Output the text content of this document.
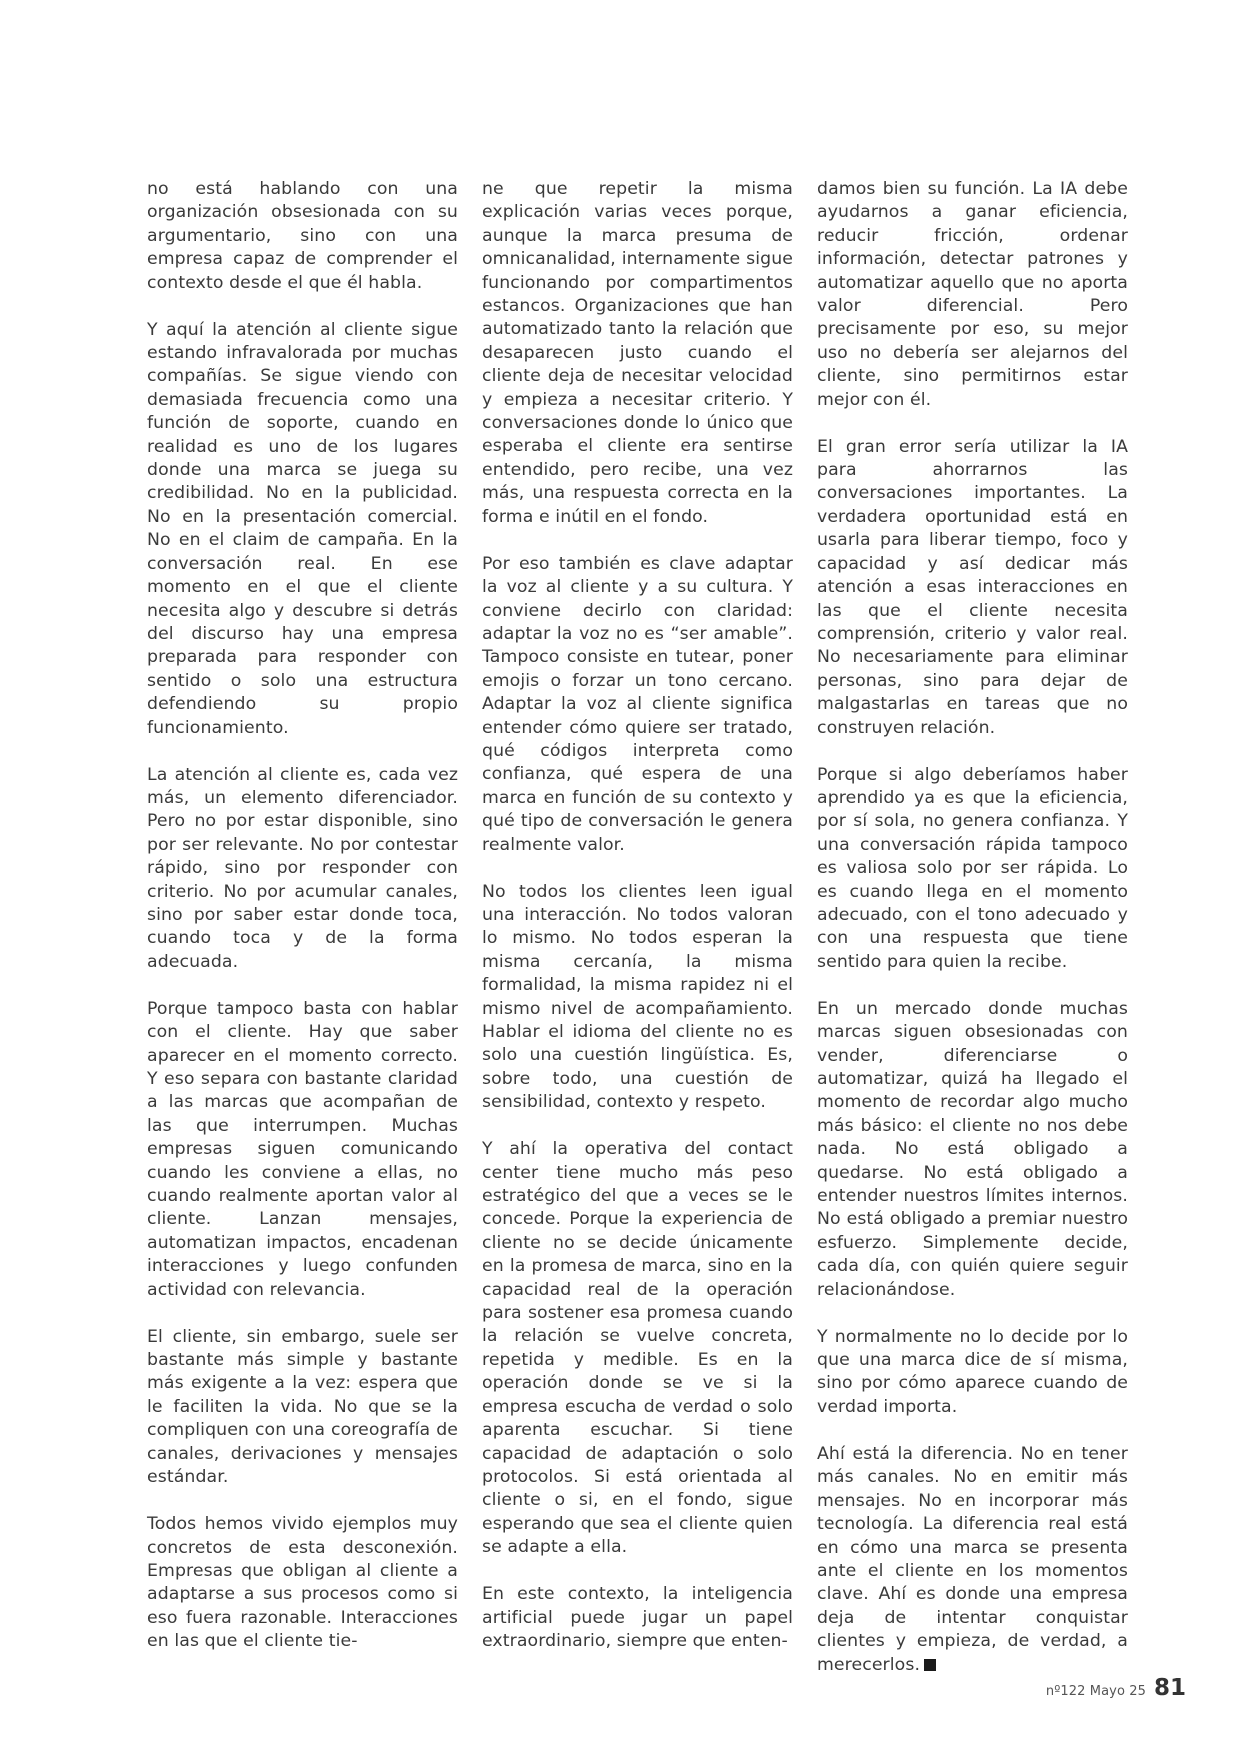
no está hablando con una organización obsesionada con su argumentario, sino con una empresa capaz de comprender el contexto desde el que él habla.

Y aquí la atención al cliente sigue estando infravalorada por muchas compañías. Se sigue viendo con demasiada frecuencia como una función de soporte, cuando en realidad es uno de los lugares donde una marca se juega su credibilidad. No en la publicidad. No en la presentación comercial. No en el claim de campaña. En la conversación real. En ese momento en el que el cliente necesita algo y descubre si detrás del discurso hay una empresa preparada para responder con sentido o solo una estructura defendiendo su propio funcionamiento.

La atención al cliente es, cada vez más, un elemento diferenciador. Pero no por estar disponible, sino por ser relevante. No por contestar rápido, sino por responder con criterio. No por acumular canales, sino por saber estar donde toca, cuando toca y de la forma adecuada.

Porque tampoco basta con hablar con el cliente. Hay que saber aparecer en el momento correcto. Y eso separa con bastante claridad a las marcas que acompañan de las que interrumpen. Muchas empresas siguen comunicando cuando les conviene a ellas, no cuando realmente aportan valor al cliente. Lanzan mensajes, automatizan impactos, encadenan interacciones y luego confunden actividad con relevancia.

El cliente, sin embargo, suele ser bastante más simple y bastante más exigente a la vez: espera que le faciliten la vida. No que se la compliquen con una coreografía de canales, derivaciones y mensajes estándar.

Todos hemos vivido ejemplos muy concretos de esta desconexión. Empresas que obligan al cliente a adaptarse a sus procesos como si eso fuera razonable. Interacciones en las que el cliente tie-

ne que repetir la misma explicación varias veces porque, aunque la marca presuma de omnicanalidad, internamente sigue funcionando por compartimentos estancos. Organizaciones que han automatizado tanto la relación que desaparecen justo cuando el cliente deja de necesitar velocidad y empieza a necesitar criterio. Y conversaciones donde lo único que esperaba el cliente era sentirse entendido, pero recibe, una vez más, una respuesta correcta en la forma e inútil en el fondo.

Por eso también es clave adaptar la voz al cliente y a su cultura. Y conviene decirlo con claridad: adaptar la voz no es “ser amable”. Tampoco consiste en tutear, poner emojis o forzar un tono cercano. Adaptar la voz al cliente significa entender cómo quiere ser tratado, qué códigos interpreta como confianza, qué espera de una marca en función de su contexto y qué tipo de conversación le genera realmente valor.

No todos los clientes leen igual una interacción. No todos valoran lo mismo. No todos esperan la misma cercanía, la misma formalidad, la misma rapidez ni el mismo nivel de acompañamiento. Hablar el idioma del cliente no es solo una cuestión lingüística. Es, sobre todo, una cuestión de sensibilidad, contexto y respeto.

Y ahí la operativa del contact center tiene mucho más peso estratégico del que a veces se le concede. Porque la experiencia de cliente no se decide únicamente en la promesa de marca, sino en la capacidad real de la operación para sostener esa promesa cuando la relación se vuelve concreta, repetida y medible. Es en la operación donde se ve si la empresa escucha de verdad o solo aparenta escuchar. Si tiene capacidad de adaptación o solo protocolos. Si está orientada al cliente o si, en el fondo, sigue esperando que sea el cliente quien se adapte a ella.

En este contexto, la inteligencia artificial puede jugar un papel extraordinario, siempre que enten-

damos bien su función. La IA debe ayudarnos a ganar eficiencia, reducir fricción, ordenar información, detectar patrones y automatizar aquello que no aporta valor diferencial. Pero precisamente por eso, su mejor uso no debería ser alejarnos del cliente, sino permitirnos estar mejor con él.

El gran error sería utilizar la IA para ahorrarnos las conversaciones importantes. La verdadera oportunidad está en usarla para liberar tiempo, foco y capacidad y así dedicar más atención a esas interacciones en las que el cliente necesita comprensión, criterio y valor real. No necesariamente para eliminar personas, sino para dejar de malgastarlas en tareas que no construyen relación.

Porque si algo deberíamos haber aprendido ya es que la eficiencia, por sí sola, no genera confianza. Y una conversación rápida tampoco es valiosa solo por ser rápida. Lo es cuando llega en el momento adecuado, con el tono adecuado y con una respuesta que tiene sentido para quien la recibe.

En un mercado donde muchas marcas siguen obsesionadas con vender, diferenciarse o automatizar, quizá ha llegado el momento de recordar algo mucho más básico: el cliente no nos debe nada. No está obligado a quedarse. No está obligado a entender nuestros límites internos. No está obligado a premiar nuestro esfuerzo. Simplemente decide, cada día, con quién quiere seguir relacionándose.

Y normalmente no lo decide por lo que una marca dice de sí misma, sino por cómo aparece cuando de verdad importa.

Ahí está la diferencia. No en tener más canales. No en emitir más mensajes. No en incorporar más tecnología. La diferencia real está en cómo una marca se presenta ante el cliente en los momentos clave. Ahí es donde una empresa deja de intentar conquistar clientes y empieza, de verdad, a merecerlos.

nº122 Mayo 25 81
